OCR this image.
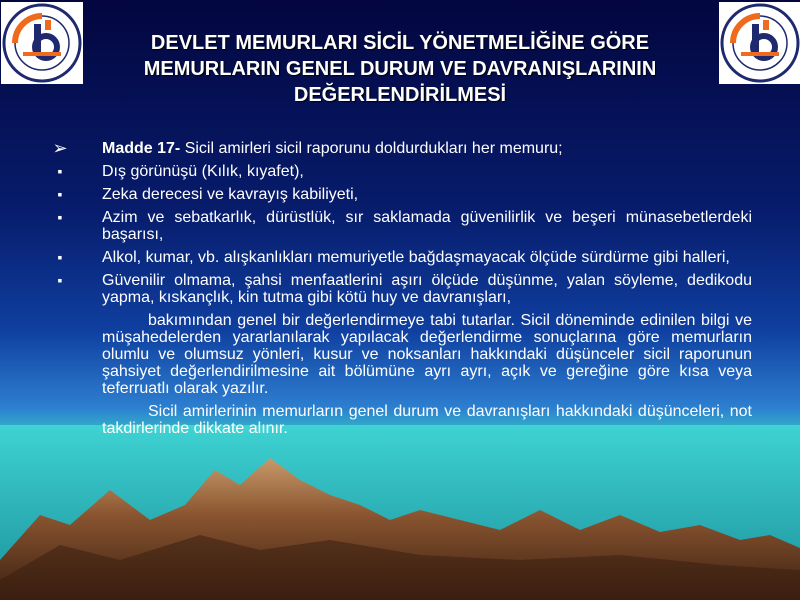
DEVLET MEMURLARI SİCİL YÖNETMELİĞİNE GÖRE
MEMURLARIN GENEL DURUM VE DAVRANIŞLARININ
DEĞERLENDİRİLMESİ
➢ Madde 17- Sicil amirleri sicil raporunu doldurdukları her memuru;
▪	Dış görünüşü (Kılık, kıyafet),
▪	Zeka derecesi ve kavrayış kabiliyeti,
▪	Azim ve sebatkarlık, dürüstlük, sır saklamada güvenilirlik ve beşeri münasebetlerdeki başarısı,
▪	Alkol, kumar, vb. alışkanlıkları memuriyetle bağdaşmayacak ölçüde sürdürme gibi halleri,
▪	Güvenilir olmama, şahsi menfaatlerini aşırı ölçüde düşünme, yalan söyleme, dedikodu yapma, kıskançlık, kin tutma gibi kötü huy ve davranışları,
bakımından genel bir değerlendirmeye tabi tutarlar. Sicil döneminde edinilen bilgi ve müşahedelerden yararlanılarak yapılacak değerlendirme sonuçlarına göre memurların olumlu ve olumsuz yönleri, kusur ve noksanları hakkındaki düşünceler sicil raporunun şahsiyet değerlendirilmesine ait bölümüne ayrı ayrı, açık ve gereğine göre kısa veya teferruatlı olarak yazılır.
Sicil amirlerinin memurların genel durum ve davranışları hakkındaki düşünceleri, not takdirlerinde dikkate alınır.
